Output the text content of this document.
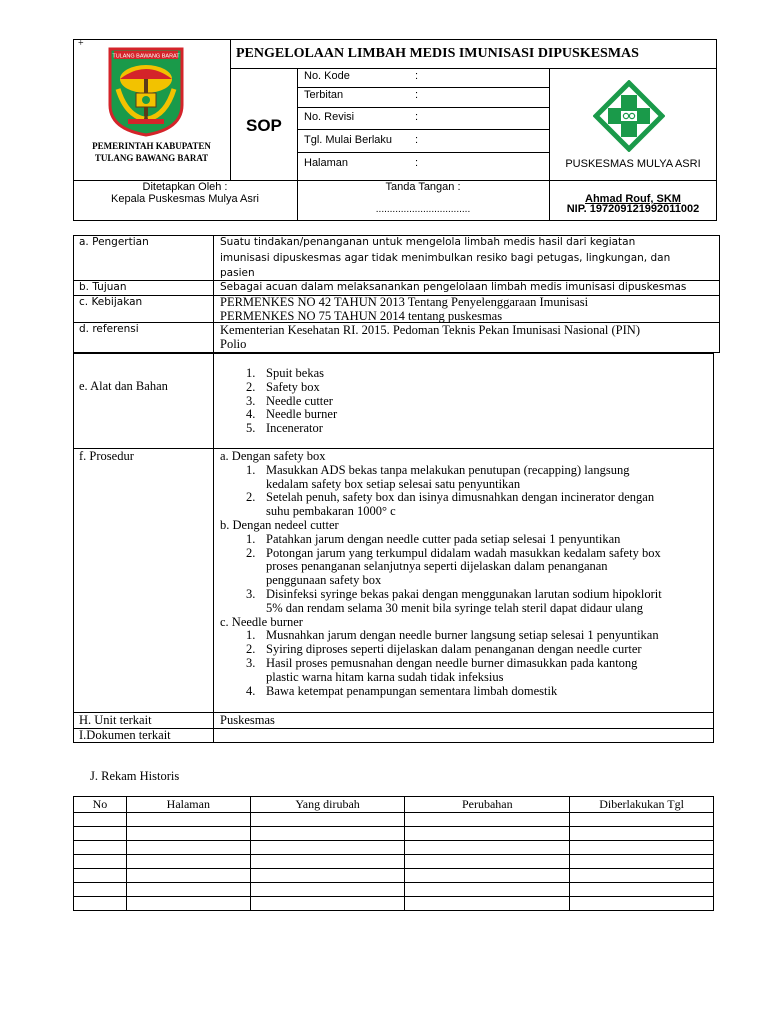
+
TULANG BAWANG BARAT
PEMERINTAH KABUPATEN
TULANG BAWANG BARAT
PENGELOLAAN LIMBAH MEDIS IMUNISASI DIPUSKESMAS
SOP
No. Kode	:
Terbitan	:
No. Revisi	:
Tgl. Mulai Berlaku :
Halaman	:	PUSKESMAS MULYA ASRI
Ditetapkan Oleh :
Kepala Puskesmas Mulya Asri
Tanda Tangan :
..................................
Ahmad Rouf, SKM
NIP. 197209121992011002
a. Pengertian	Suatu tindakan/penanganan untuk mengelola limbah medis hasil dari kegiatan
imunisasi dipuskesmas agar tidak menimbulkan resiko bagi petugas, lingkungan, dan
pasien
b. Tujuan	Sebagai acuan dalam melaksanankan pengelolaan limbah medis imunisasi dipuskesmas
c. Kebijakan	PERMENKES NO 42 TAHUN 2013 Tentang Penyelenggaraan Imunisasi
PERMENKES NO 75 TAHUN 2014 tentang puskesmas
d. referensi	Kementerian Kesehatan RI. 2015. Pedoman Teknis Pekan Imunisasi Nasional (PIN)
Polio
e. Alat dan Bahan
1. Spuit bekas
2. Safety box
3. Needle cutter
4. Needle burner
5. Incenerator
f. Prosedur	a. Dengan safety box
1. Masukkan ADS bekas tanpa melakukan penutupan (recapping) langsung
kedalam safety box setiap selesai satu penyuntikan
2. Setelah penuh, safety box dan isinya dimusnahkan dengan incinerator dengan
suhu pembakaran 1000° c
b. Dengan nedeel cutter
1. Patahkan jarum dengan needle cutter pada setiap selesai 1 penyuntikan
2. Potongan jarum yang terkumpul didalam wadah masukkan kedalam safety box
proses penanganan selanjutnya seperti dijelaskan dalam penanganan
penggunaan safety box
3. Disinfeksi syringe bekas pakai dengan menggunakan larutan sodium hipoklorit
5% dan rendam selama 30 menit bila syringe telah steril dapat didaur ulang
c. Needle burner
1. Musnahkan jarum dengan needle burner langsung setiap selesai 1 penyuntikan
2. Syiring diproses seperti dijelaskan dalam penanganan dengan needle curter
3. Hasil proses pemusnahan dengan needle burner dimasukkan pada kantong
plastic warna hitam karna sudah tidak infeksius
4. Bawa ketempat penampungan sementara limbah domestik
H. Unit terkait	Puskesmas
I.Dokumen terkait
J. Rekam Historis
No	Halaman	Yang dirubah	Perubahan	Diberlakukan Tgl
